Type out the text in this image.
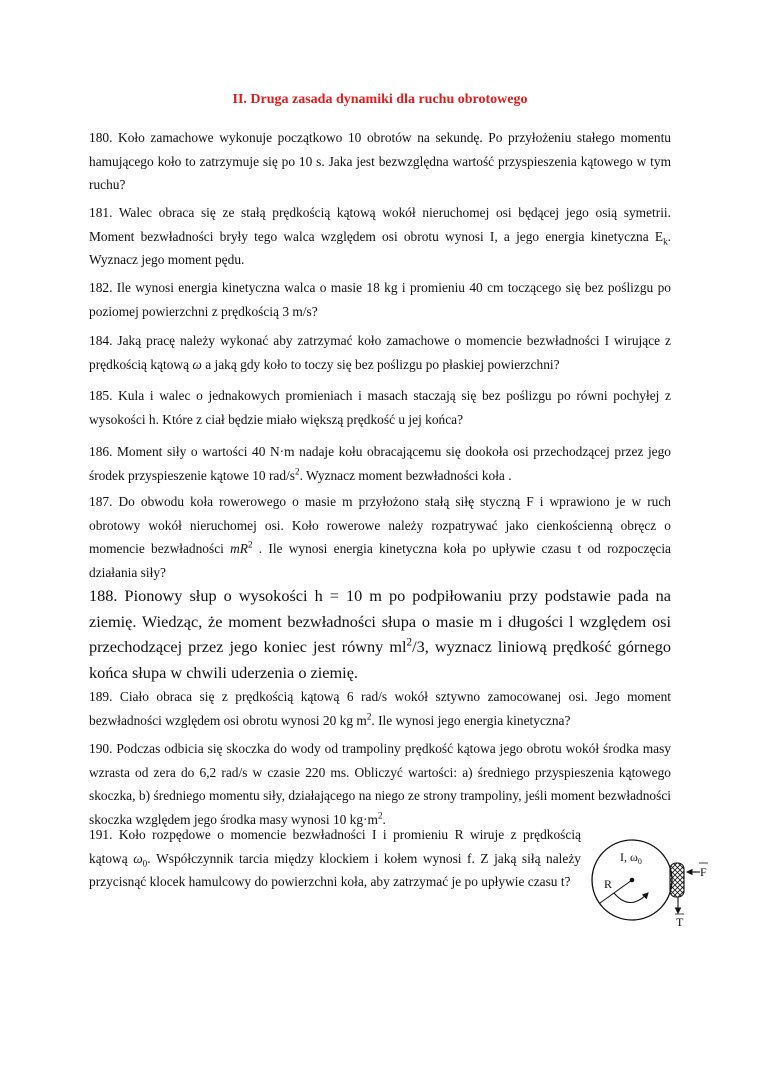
II. Druga zasada dynamiki dla ruchu obrotowego

180. Koło zamachowe wykonuje początkowo 10 obrotów na sekundę. Po przyłożeniu stałego momentu hamującego koło to zatrzymuje się po 10 s. Jaka jest bezwzględna wartość przyspieszenia kątowego w tym ruchu?

181. Walec obraca się ze stałą prędkością kątową wokół nieruchomej osi będącej jego osią symetrii. Moment bezwładności bryły tego walca względem osi obrotu wynosi I, a jego energia kinetyczna $E_k$. Wyznacz jego moment pędu.

182. Ile wynosi energia kinetyczna walca o masie 18 kg i promieniu 40 cm toczącego się bez poślizgu po poziomej powierzchni z prędkością 3 m/s?

184. Jaką pracę należy wykonać aby zatrzymać koło zamachowe o momencie bezwładności I wirujące z prędkością kątową ω a jaką gdy koło to toczy się bez poślizgu po płaskiej powierzchni?

185. Kula i walec o jednakowych promieniach i masach staczają się bez poślizgu po równi pochyłej z wysokości h. Które z ciał będzie miało większą prędkość u jej końca?

186. Moment siły o wartości 40 N·m nadaje kołu obracającemu się dookoła osi przechodzącej przez jego środek przyspieszenie kątowe 10 rad/$s^2$. Wyznacz moment bezwładności koła .

187. Do obwodu koła rowerowego o masie m przyłożono stałą siłę styczną F i wprawiono je w ruch obrotowy wokół nieruchomej osi. Koło rowerowe należy rozpatrywać jako cienkościenną obręcz o momencie bezwładności $mR^2$ . Ile wynosi energia kinetyczna koła po upływie czasu t od rozpoczęcia działania siły?

188. Pionowy słup o wysokości h = 10 m po podpiłowaniu przy podstawie pada na ziemię. Wiedząc, że moment bezwładności słupa o masie m i długości l względem osi przechodzącej przez jego koniec jest równy $ml^2/3$, wyznacz liniową prędkość górnego końca słupa w chwili uderzenia o ziemię.

189. Ciało obraca się z prędkością kątową 6 rad/s wokół sztywno zamocowanej osi. Jego moment bezwładności względem osi obrotu wynosi 20 kg $m^2$. Ile wynosi jego energia kinetyczna?

190. Podczas odbicia się skoczka do wody od trampoliny prędkość kątowa jego obrotu wokół środka masy wzrasta od zera do 6,2 rad/s w czasie 220 ms. Obliczyć wartości: a) średniego przyspieszenia kątowego skoczka, b) średniego momentu siły, działającego na niego ze strony trampoliny, jeśli moment bezwładności skoczka względem jego środka masy wynosi 10 $kg\cdot m^2$.

191. Koło rozpędowe o momencie bezwładności I i promieniu R wiruje z prędkością kątową $\omega_0$. Współczynnik tarcia między klockiem i kołem wynosi f. Z jaką siłą należy przycisnąć klocek hamulcowy do powierzchni koła, aby zatrzymać je po upływie czasu t?

I, $\omega_0$
R
F
T
